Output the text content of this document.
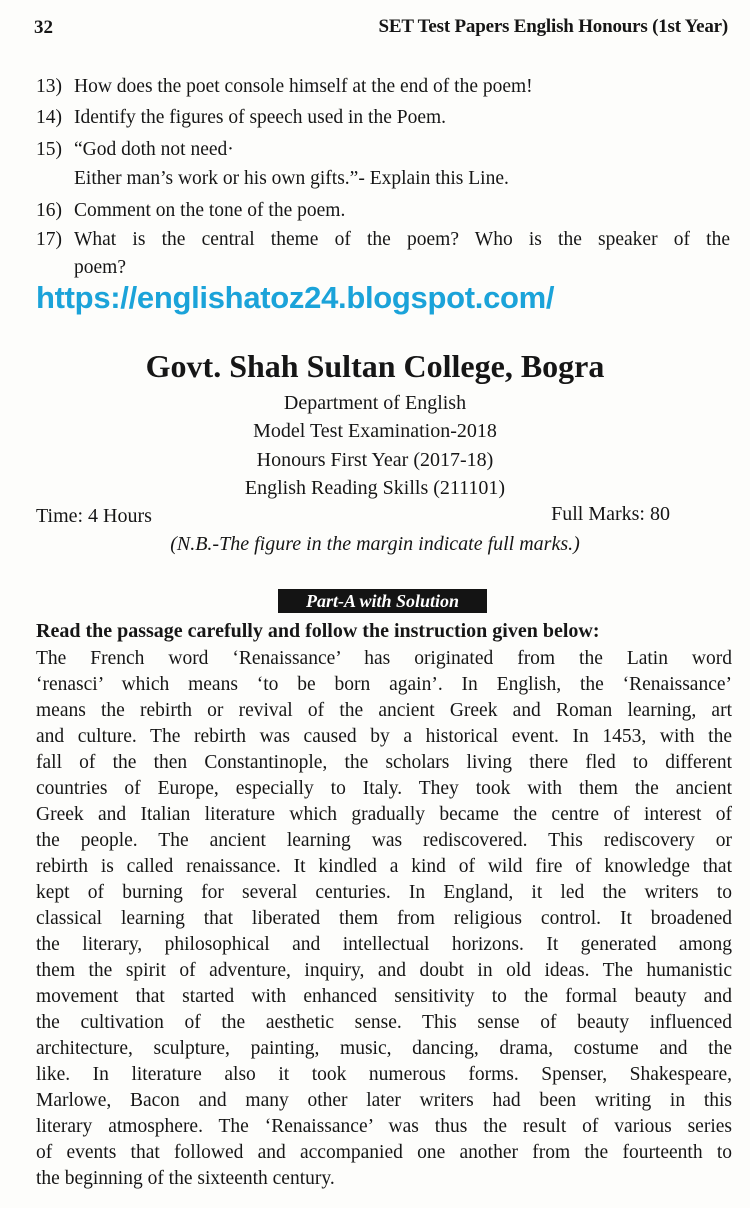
32	SET Test Papers English Honours (1st Year)
13) How does the poet console himself at the end of the poem!
14) Identify the figures of speech used in the Poem.
15) “God doth not need·
Either man’s work or his own gifts.”- Explain this Line.
16) Comment on the tone of the poem.
17) What is the central theme of the poem? Who is the speaker of the
poem?
https://englishatoz24.blogspot.com/
Govt. Shah Sultan College, Bogra
Department of English
Model Test Examination-2018
Honours First Year (2017-18)
English Reading Skills (211101)
Time: 4 Hours	Full Marks: 80
(N.B.-The figure in the margin indicate full marks.)
Part-A with Solution
Read the passage carefully and follow the instruction given below:
The French word ‘Renaissance’ has originated from the Latin word
‘renasci’ which means ‘to be born again’. In English, the ‘Renaissance’
means the rebirth or revival of the ancient Greek and Roman learning, art
and culture. The rebirth was caused by a historical event. In 1453, with the
fall of the then Constantinople, the scholars living there fled to different
countries of Europe, especially to Italy. They took with them the ancient
Greek and Italian literature which gradually became the centre of interest of
the people. The ancient learning was rediscovered. This rediscovery or
rebirth is called renaissance. It kindled a kind of wild fire of knowledge that
kept of burning for several centuries. In England, it led the writers to
classical learning that liberated them from religious control. It broadened
the literary, philosophical and intellectual horizons. It generated among
them the spirit of adventure, inquiry, and doubt in old ideas. The humanistic
movement that started with enhanced sensitivity to the formal beauty and
the cultivation of the aesthetic sense. This sense of beauty influenced
architecture, sculpture, painting, music, dancing, drama, costume and the
like. In literature also it took numerous forms. Spenser, Shakespeare,
Marlowe, Bacon and many other later writers had been writing in this
literary atmosphere. The ‘Renaissance’ was thus the result of various series
of events that followed and accompanied one another from the fourteenth to
the beginning of the sixteenth century.
